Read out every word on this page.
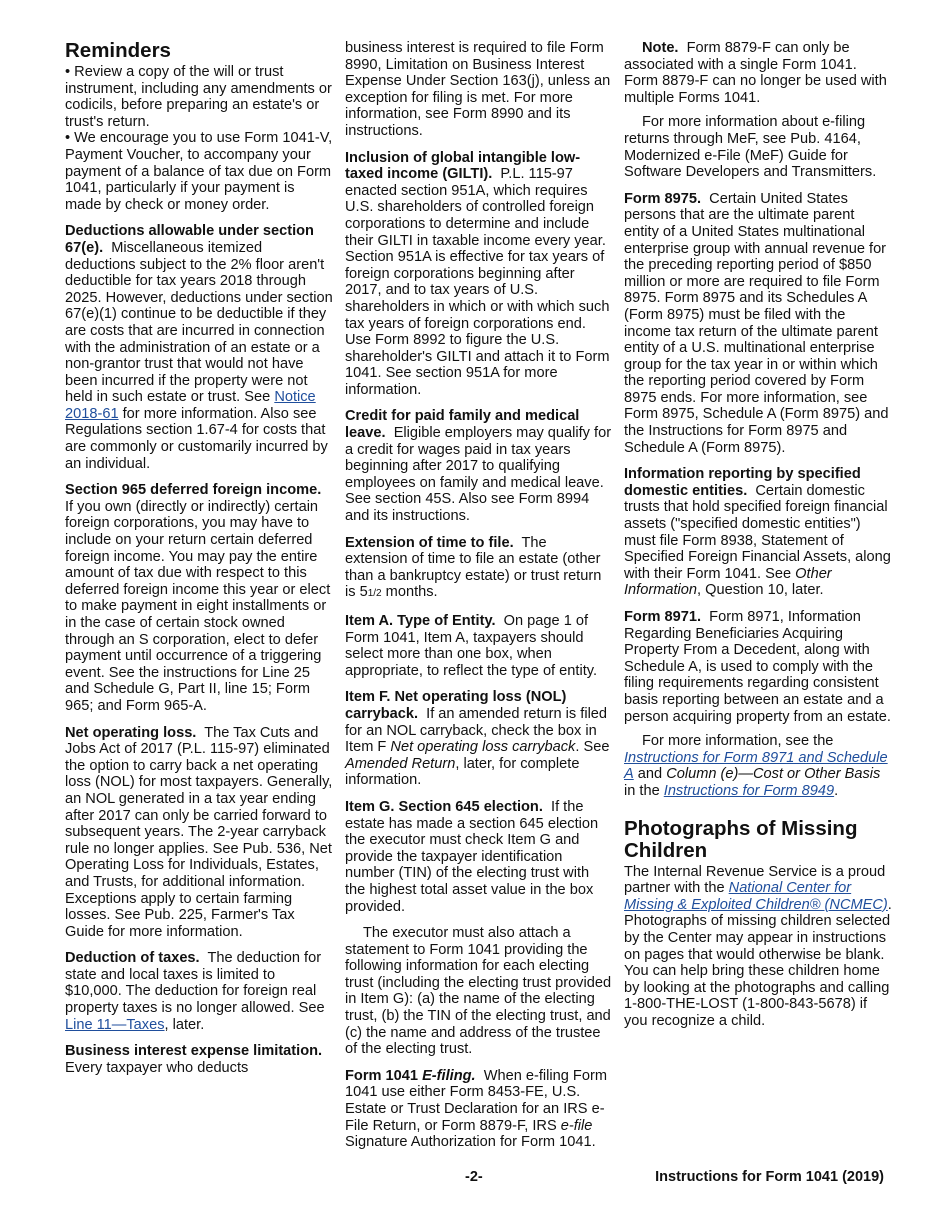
Reminders

• Review a copy of the will or trust instrument, including any amendments or codicils, before preparing an estate's or trust's return.

• We encourage you to use Form 1041-V, Payment Voucher, to accompany your payment of a balance of tax due on Form 1041, particularly if your payment is made by check or money order.

Deductions allowable under section 67(e). Miscellaneous itemized deductions subject to the 2% floor aren't deductible for tax years 2018 through 2025. However, deductions under section 67(e)(1) continue to be deductible if they are costs that are incurred in connection with the administration of an estate or a non-grantor trust that would not have been incurred if the property were not held in such estate or trust. See Notice 2018-61 for more information. Also see Regulations section 1.67-4 for costs that are commonly or customarily incurred by an individual.

Section 965 deferred foreign income.  If you own (directly or indirectly) certain foreign corporations, you may have to include on your return certain deferred foreign income. You may pay the entire amount of tax due with respect to this deferred foreign income this year or elect to make payment in eight installments or in the case of certain stock owned through an S corporation, elect to defer payment until occurrence of a triggering event. See the instructions for Line 25 and Schedule G, Part II, line 15; Form 965; and Form 965-A.

Net operating loss. The Tax Cuts and Jobs Act of 2017 (P.L. 115-97) eliminated the option to carry back a net operating loss (NOL) for most taxpayers. Generally, an NOL generated in a tax year ending after 2017 can only be carried forward to subsequent years. The 2-year carryback rule no longer applies. See Pub. 536, Net Operating Loss for Individuals, Estates, and Trusts, for additional information. Exceptions apply to certain farming losses. See Pub. 225, Farmer's Tax Guide for more information.

Deduction of taxes. The deduction for state and local taxes is limited to $10,000. The deduction for foreign real property taxes is no longer allowed. See Line 11—Taxes, later.

Business interest expense limitation.  Every taxpayer who deducts

business interest is required to file Form 8990, Limitation on Business Interest Expense Under Section 163(j), unless an exception for filing is met. For more information, see Form 8990 and its instructions.

Inclusion of global intangible low-taxed income (GILTI). P.L. 115-97 enacted section 951A, which requires U.S. shareholders of controlled foreign corporations to determine and include their GILTI in taxable income every year. Section 951A is effective for tax years of foreign corporations beginning after 2017, and to tax years of U.S. shareholders in which or with which such tax years of foreign corporations end. Use Form 8992 to figure the U.S. shareholder's GILTI and attach it to Form 1041. See section 951A for more information.

Credit for paid family and medical leave. Eligible employers may qualify for a credit for wages paid in tax years beginning after 2017 to qualifying employees on family and medical leave. See section 45S. Also see Form 8994 and its instructions.

Extension of time to file. The extension of time to file an estate (other than a bankruptcy estate) or trust return is 51/2 months.

Item A. Type of Entity. On page 1 of Form 1041, Item A, taxpayers should select more than one box, when appropriate, to reflect the type of entity.

Item F. Net operating loss (NOL) carryback. If an amended return is filed for an NOL carryback, check the box in Item F Net operating loss carryback. See Amended Return, later, for complete information.

Item G. Section 645 election. If the estate has made a section 645 election the executor must check Item G and provide the taxpayer identification number (TIN) of the electing trust with the highest total asset value in the box provided.

The executor must also attach a statement to Form 1041 providing the following information for each electing trust (including the electing trust provided in Item G): (a) the name of the electing trust, (b) the TIN of the electing trust, and (c) the name and address of the trustee of the electing trust.

Form 1041 E-filing. When e-filing Form 1041 use either Form 8453-FE, U.S. Estate or Trust Declaration for an IRS e-File Return, or Form 8879-F, IRS e-file Signature Authorization for Form 1041.

Note. Form 8879-F can only be associated with a single Form 1041. Form 8879-F can no longer be used with multiple Forms 1041.

For more information about e-filing returns through MeF, see Pub. 4164, Modernized e-File (MeF) Guide for Software Developers and Transmitters.

Form 8975. Certain United States persons that are the ultimate parent entity of a United States multinational enterprise group with annual revenue for the preceding reporting period of $850 million or more are required to file Form 8975. Form 8975 and its Schedules A (Form 8975) must be filed with the income tax return of the ultimate parent entity of a U.S. multinational enterprise group for the tax year in or within which the reporting period covered by Form 8975 ends. For more information, see Form 8975, Schedule A (Form 8975) and the Instructions for Form 8975 and Schedule A (Form 8975).

Information reporting by specified domestic entities. Certain domestic trusts that hold specified foreign financial assets ("specified domestic entities") must file Form 8938, Statement of Specified Foreign Financial Assets, along with their Form 1041. See Other Information, Question 10, later.

Form 8971. Form 8971, Information Regarding Beneficiaries Acquiring Property From a Decedent, along with Schedule A, is used to comply with the filing requirements regarding consistent basis reporting between an estate and a person acquiring property from an estate.

For more information, see the Instructions for Form 8971 and Schedule A and Column (e)—Cost or Other Basis in the Instructions for Form 8949.

Photographs of Missing Children

The Internal Revenue Service is a proud partner with the National Center for Missing & Exploited Children® (NCMEC). Photographs of missing children selected by the Center may appear in instructions on pages that would otherwise be blank. You can help bring these children home by looking at the photographs and calling 1-800-THE-LOST (1-800-843-5678) if you recognize a child.

-2-	Instructions for Form 1041 (2019)
